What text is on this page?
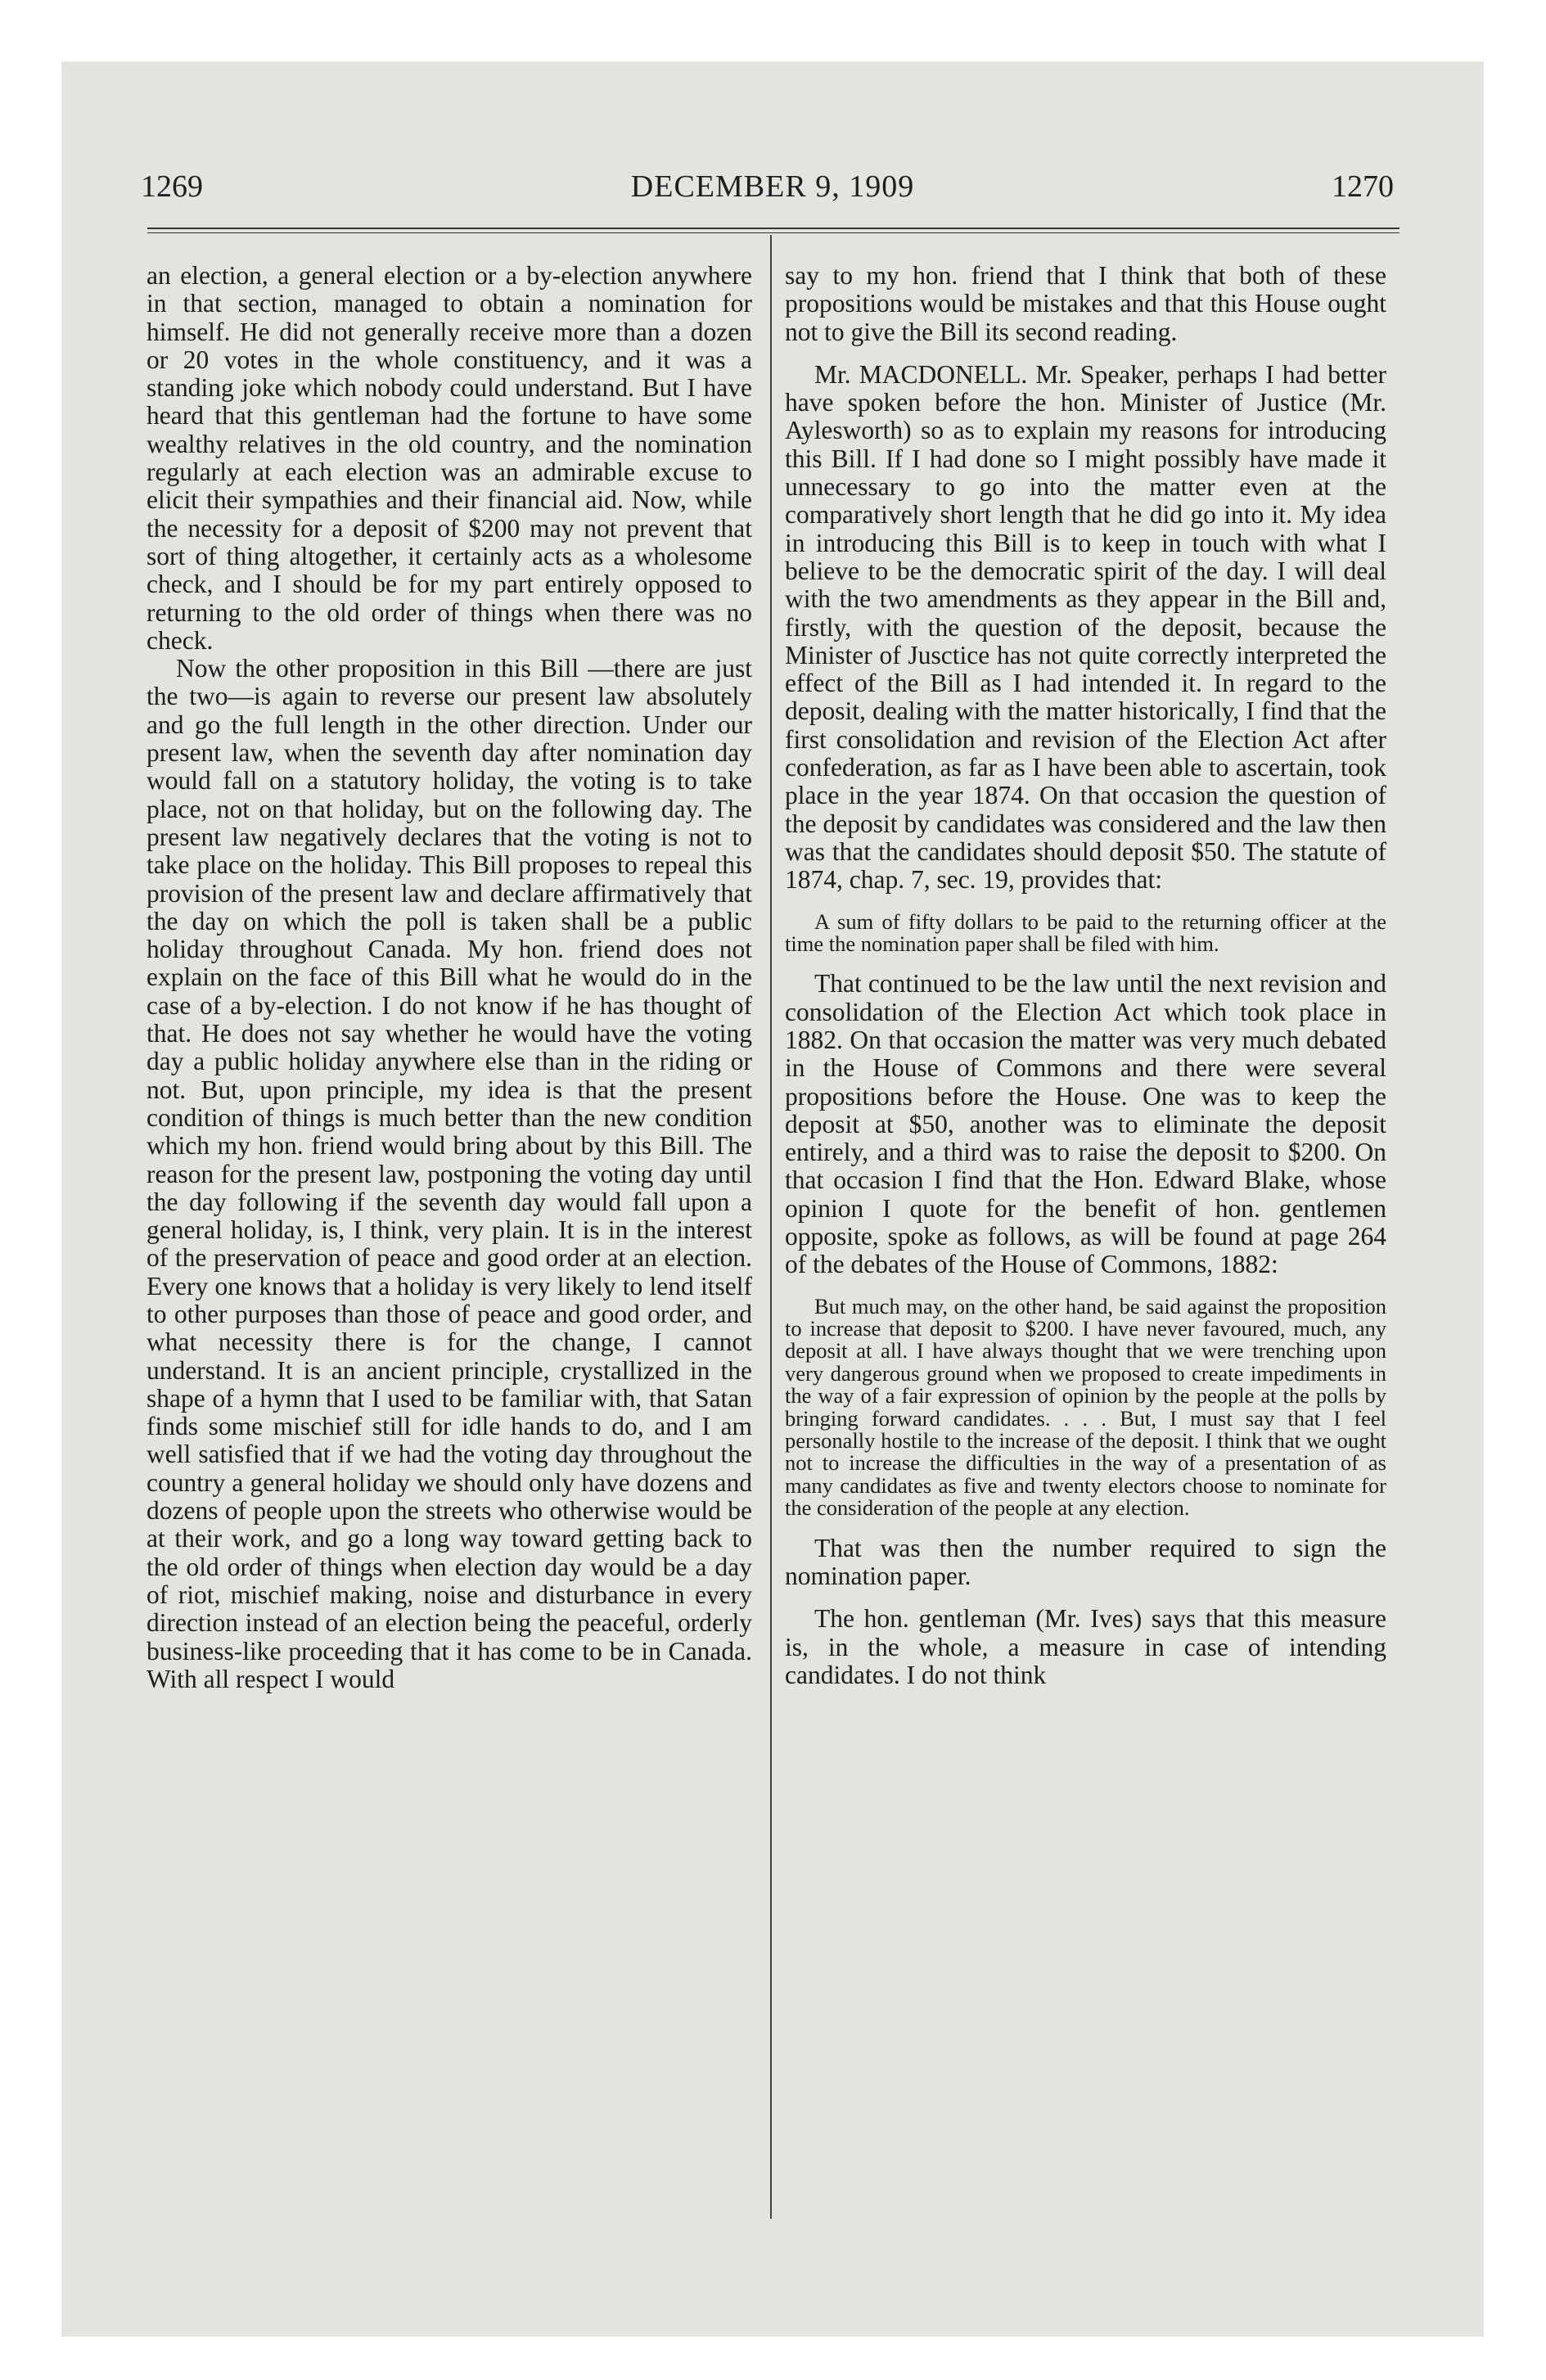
1269	DECEMBER 9, 1909	1270

an election, a general election or a by-election anywhere in that section, managed to obtain a nomination for himself. He did not generally receive more than a dozen or 20 votes in the whole constituency, and it was a standing joke which nobody could understand. But I have heard that this gentleman had the fortune to have some wealthy relatives in the old country, and the nomination regularly at each election was an admirable excuse to elicit their sympathies and their financial aid. Now, while the necessity for a deposit of $200 may not prevent that sort of thing altogether, it certainly acts as a wholesome check, and I should be for my part entirely opposed to returning to the old order of things when there was no check.

Now the other proposition in this Bill —there are just the two—is again to reverse our present law absolutely and go the full length in the other direction. Under our present law, when the seventh day after nomination day would fall on a statutory holiday, the voting is to take place, not on that holiday, but on the following day. The present law negatively declares that the voting is not to take place on the holiday. This Bill proposes to repeal this provision of the present law and declare affirmatively that the day on which the poll is taken shall be a public holiday throughout Canada. My hon. friend does not explain on the face of this Bill what he would do in the case of a by-election. I do not know if he has thought of that. He does not say whether he would have the voting day a public holiday anywhere else than in the riding or not. But, upon principle, my idea is that the present condition of things is much better than the new condition which my hon. friend would bring about by this Bill. The reason for the present law, postponing the voting day until the day following if the seventh day would fall upon a general holiday, is, I think, very plain. It is in the interest of the preservation of peace and good order at an election. Every one knows that a holiday is very likely to lend itself to other purposes than those of peace and good order, and what necessity there is for the change, I cannot understand. It is an ancient principle, crystallized in the shape of a hymn that I used to be familiar with, that Satan finds some mischief still for idle hands to do, and I am well satisfied that if we had the voting day throughout the country a general holiday we should only have dozens and dozens of people upon the streets who otherwise would be at their work, and go a long way toward getting back to the old order of things when election day would be a day of riot, mischief making, noise and disturbance in every direction instead of an election being the peaceful, orderly business-like proceeding that it has come to be in Canada. With all respect I would

say to my hon. friend that I think that both of these propositions would be mistakes and that this House ought not to give the Bill its second reading.

Mr. MACDONELL. Mr. Speaker, perhaps I had better have spoken before the hon. Minister of Justice (Mr. Aylesworth) so as to explain my reasons for introducing this Bill. If I had done so I might possibly have made it unnecessary to go into the matter even at the comparatively short length that he did go into it. My idea in introducing this Bill is to keep in touch with what I believe to be the democratic spirit of the day. I will deal with the two amendments as they appear in the Bill and, firstly, with the question of the deposit, because the Minister of Jusctice has not quite correctly interpreted the effect of the Bill as I had intended it. In regard to the deposit, dealing with the matter historically, I find that the first consolidation and revision of the Election Act after confederation, as far as I have been able to ascertain, took place in the year 1874. On that occasion the question of the deposit by candidates was considered and the law then was that the candidates should deposit $50. The statute of 1874, chap. 7, sec. 19, provides that:

A sum of fifty dollars to be paid to the returning officer at the time the nomination paper shall be filed with him.

That continued to be the law until the next revision and consolidation of the Election Act which took place in 1882. On that occasion the matter was very much debated in the House of Commons and there were several propositions before the House. One was to keep the deposit at $50, another was to eliminate the deposit entirely, and a third was to raise the deposit to $200. On that occasion I find that the Hon. Edward Blake, whose opinion I quote for the benefit of hon. gentlemen opposite, spoke as follows, as will be found at page 264 of the debates of the House of Commons, 1882:

But much may, on the other hand, be said against the proposition to increase that deposit to $200. I have never favoured, much, any deposit at all. I have always thought that we were trenching upon very dangerous ground when we proposed to create impediments in the way of a fair expression of opinion by the people at the polls by bringing forward candidates. . . . But, I must say that I feel personally hostile to the increase of the deposit. I think that we ought not to increase the difficulties in the way of a presentation of as many candidates as five and twenty electors choose to nominate for the consideration of the people at any election.

That was then the number required to sign the nomination paper.

The hon. gentleman (Mr. Ives) says that this measure is, in the whole, a measure in case of intending candidates. I do not think
